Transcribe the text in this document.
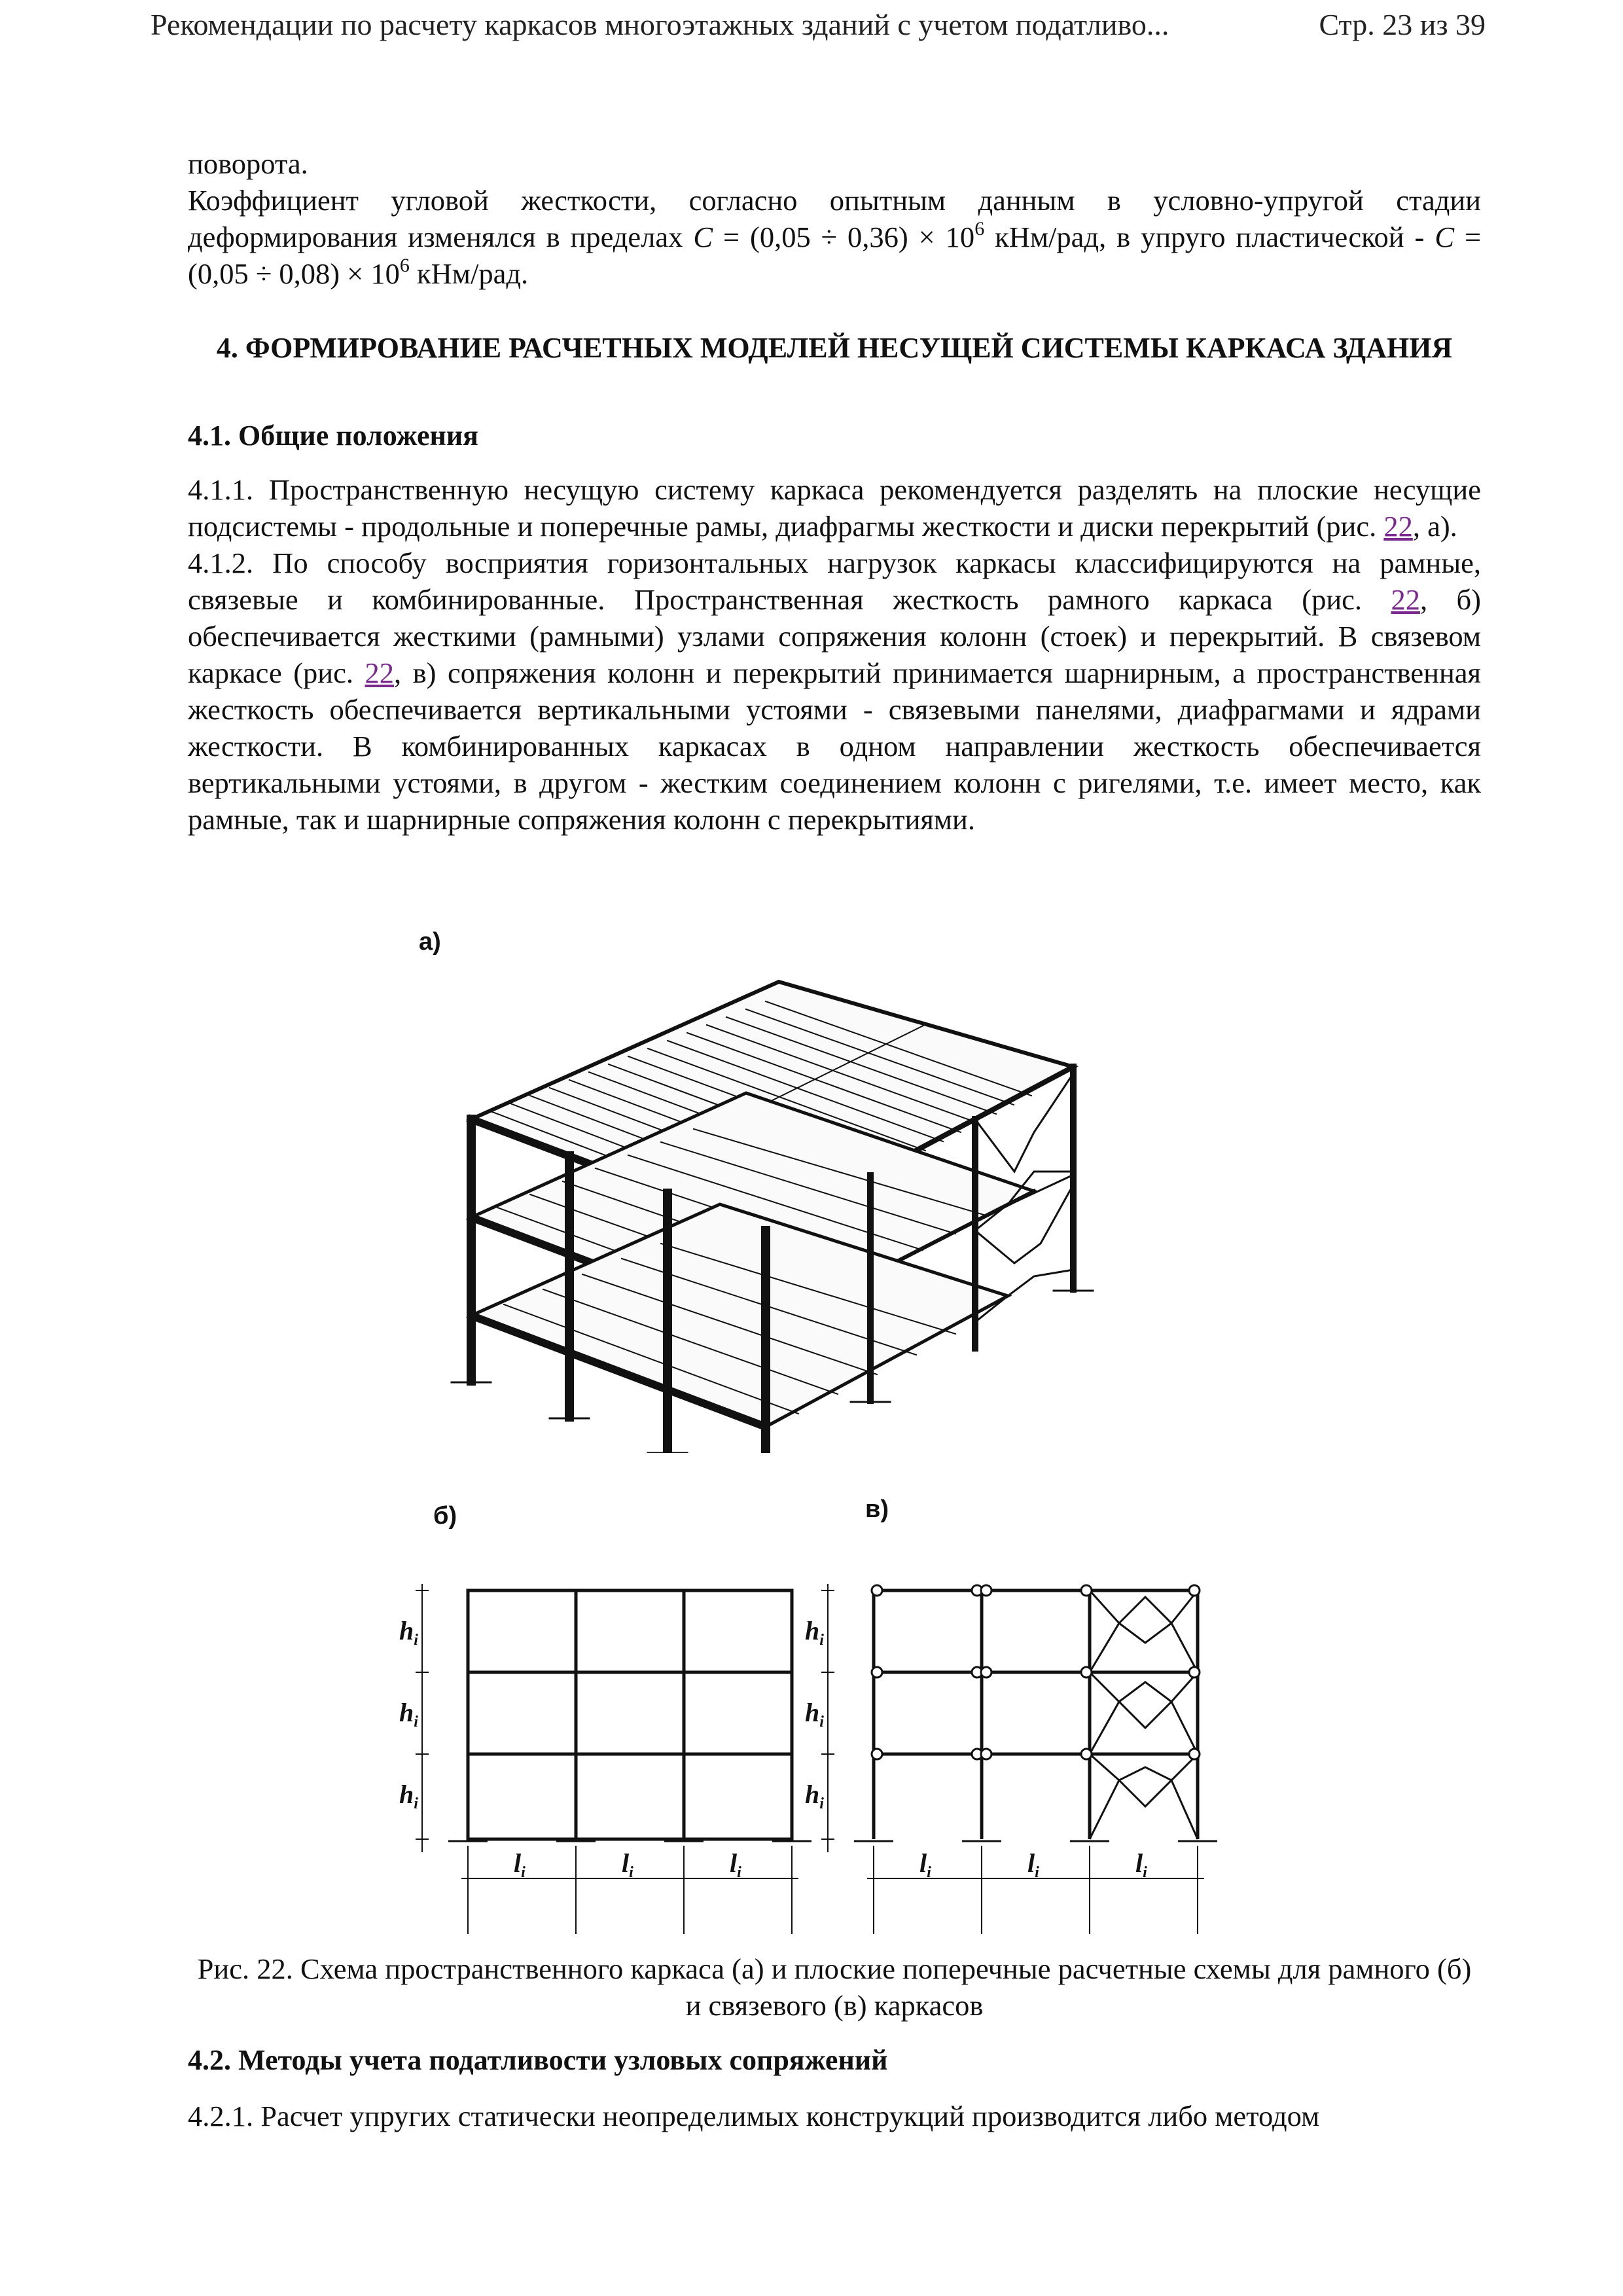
Рекомендации по расчету каркасов многоэтажных зданий с учетом податливо...	Стр. 23 из 39

поворота.

Коэффициент угловой жесткости, согласно опытным данным в условно-упругой стадии деформирования изменялся в пределах $C = (0,05 \div 0,36) \times 10^6$ кНм/рад, в упруго пластической - $C = (0,05 \div 0,08) \times 10^6$ кНм/рад.

4. ФОРМИРОВАНИЕ РАСЧЕТНЫХ МОДЕЛЕЙ НЕСУЩЕЙ СИСТЕМЫ КАРКАСА ЗДАНИЯ

4.1. Общие положения

4.1.1. Пространственную несущую систему каркаса рекомендуется разделять на плоские несущие подсистемы - продольные и поперечные рамы, диафрагмы жесткости и диски перекрытий (рис. 22, а).

4.1.2. По способу восприятия горизонтальных нагрузок каркасы классифицируются на рамные, связевые и комбинированные. Пространственная жесткость рамного каркаса (рис. 22, б) обеспечивается жесткими (рамными) узлами сопряжения колонн (стоек) и перекрытий. В связевом каркасе (рис. 22, в) сопряжения колонн и перекрытий принимается шарнирным, а пространственная жесткость обеспечивается вертикальными устоями - связевыми панелями, диафрагмами и ядрами жесткости. В комбинированных каркасах в одном направлении жесткость обеспечивается вертикальными устоями, в другом - жестким соединением колонн с ригелями, т.е. имеет место, как рамные, так и шарнирные сопряжения колонн с перекрытиями.

а)
б)	в)
$h_i$
$h_i$
$h_i$
$l_i$	$l_i$	$l_i$
$h_i$
$h_i$
$h_i$
$l_i$	$l_i$	$l_i$

Рис. 22. Схема пространственного каркаса (а) и плоские поперечные расчетные схемы для рамного (б) и связевого (в) каркасов

4.2. Методы учета податливости узловых сопряжений

4.2.1. Расчет упругих статически неопределимых конструкций производится либо методом
